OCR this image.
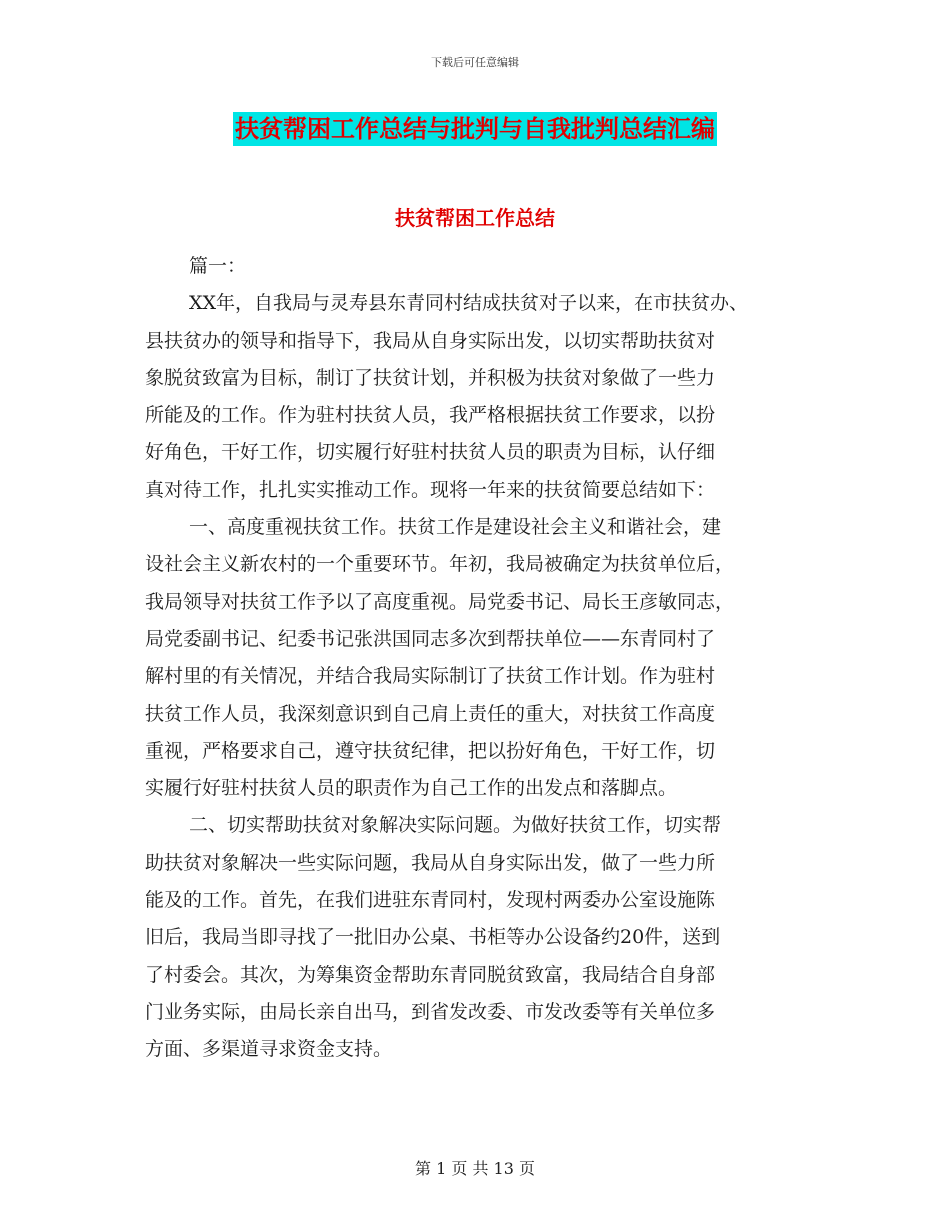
下载后可任意编辑
扶贫帮困工作总结与批判与自我批判总结汇编
扶贫帮困工作总结
篇一：
XX年，自我局与灵寿县东青同村结成扶贫对子以来，在市扶贫办、
县扶贫办的领导和指导下，我局从自身实际出发，以切实帮助扶贫对
象脱贫致富为目标，制订了扶贫计划，并积极为扶贫对象做了一些力
所能及的工作。作为驻村扶贫人员，我严格根据扶贫工作要求，以扮
好角色，干好工作，切实履行好驻村扶贫人员的职责为目标，认仔细
真对待工作，扎扎实实推动工作。现将一年来的扶贫简要总结如下：
一、高度重视扶贫工作。扶贫工作是建设社会主义和谐社会，建
设社会主义新农村的一个重要环节。年初，我局被确定为扶贫单位后，
我局领导对扶贫工作予以了高度重视。局党委书记、局长王彦敏同志，
局党委副书记、纪委书记张洪国同志多次到帮扶单位——东青同村了
解村里的有关情况，并结合我局实际制订了扶贫工作计划。作为驻村
扶贫工作人员，我深刻意识到自己肩上责任的重大，对扶贫工作高度
重视，严格要求自己，遵守扶贫纪律，把以扮好角色，干好工作，切
实履行好驻村扶贫人员的职责作为自己工作的出发点和落脚点。
二、切实帮助扶贫对象解决实际问题。为做好扶贫工作，切实帮
助扶贫对象解决一些实际问题，我局从自身实际出发，做了一些力所
能及的工作。首先，在我们进驻东青同村，发现村两委办公室设施陈
旧后，我局当即寻找了一批旧办公桌、书柜等办公设备约20件，送到
了村委会。其次，为筹集资金帮助东青同脱贫致富，我局结合自身部
门业务实际，由局长亲自出马，到省发改委、市发改委等有关单位多
方面、多渠道寻求资金支持。
第 1 页 共 13 页
